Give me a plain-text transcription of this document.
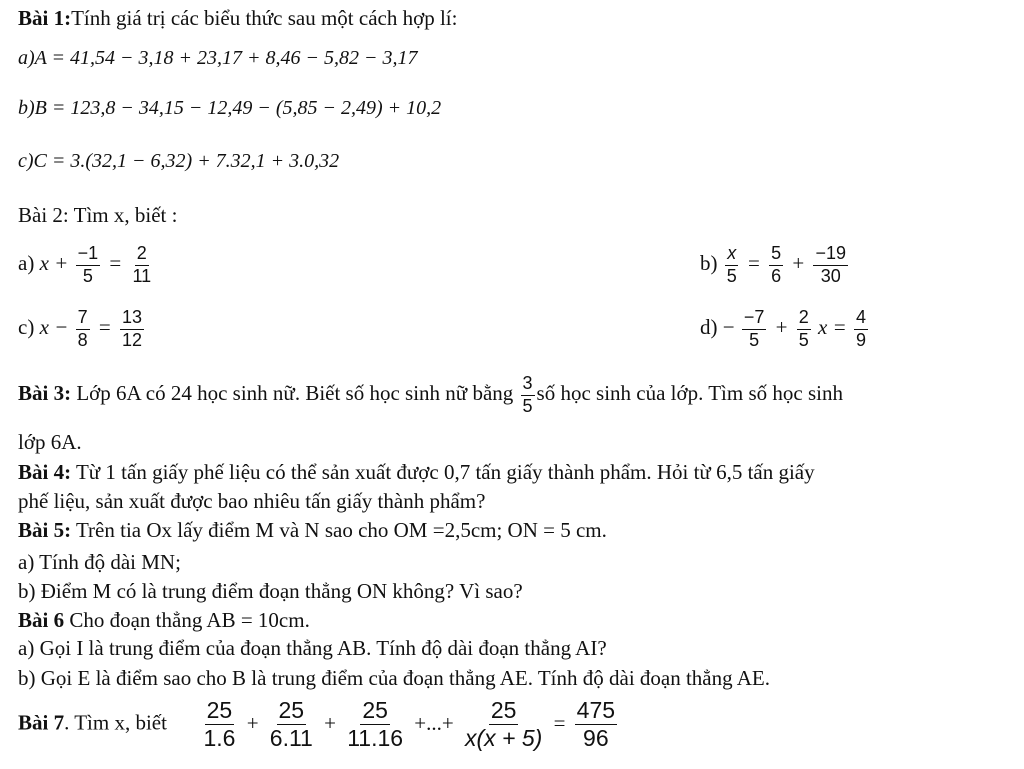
Bài 1:Tính giá trị các biểu thức sau một cách hợp lí:
a)A = 41,54 − 3,18 + 23,17 + 8,46 − 5,82 − 3,17
b)B = 123,8 − 34,15 − 12,49 − (5,85 − 2,49) + 10,2
c)C = 3.(32,1 − 6,32) + 7.32,1 + 3.0,32
Bài 2: Tìm x, biết :
a) $x + \frac{-1}{5} = \frac{2}{11}$	$b) \frac{x}{5} = \frac{5}{6} + \frac{-19}{30}$
c) $x - \frac{7}{8} = \frac{13}{12}$	$d) - \frac{-7}{5} + \frac{2}{5}$ $x = \frac{4}{9}$
Bài 3: Lớp 6A có 24 học sinh nữ. Biết số học sinh nữ bằng $\frac{3}{5}$ số học sinh của lớp. Tìm số học sinh
lớp 6A.
Bài 4: Từ 1 tấn giấy phế liệu có thể sản xuất được 0,7 tấn giấy thành phẩm. Hỏi từ 6,5 tấn giấy
phế liệu, sản xuất được bao nhiêu tấn giấy thành phẩm?
Bài 5: Trên tia Ox lấy điểm M và N sao cho OM =2,5cm; ON = 5 cm.
a) Tính độ dài MN;
b) Điểm M có là trung điểm đoạn thẳng ON không? Vì sao?
Bài 6 Cho đoạn thẳng AB = 10cm.
a) Gọi I là trung điểm của đoạn thẳng AB. Tính độ dài đoạn thẳng AI?
b) Gọi E là điểm sao cho B là trung điểm của đoạn thẳng AE. Tính độ dài đoạn thẳng AE.
Bài 7. Tìm x, biết $\frac{25}{1.6} + \frac{25}{6.11} + \frac{25}{11.16}$ +...+ $\frac{25}{x(x + 5)} = \frac{475}{96}$
